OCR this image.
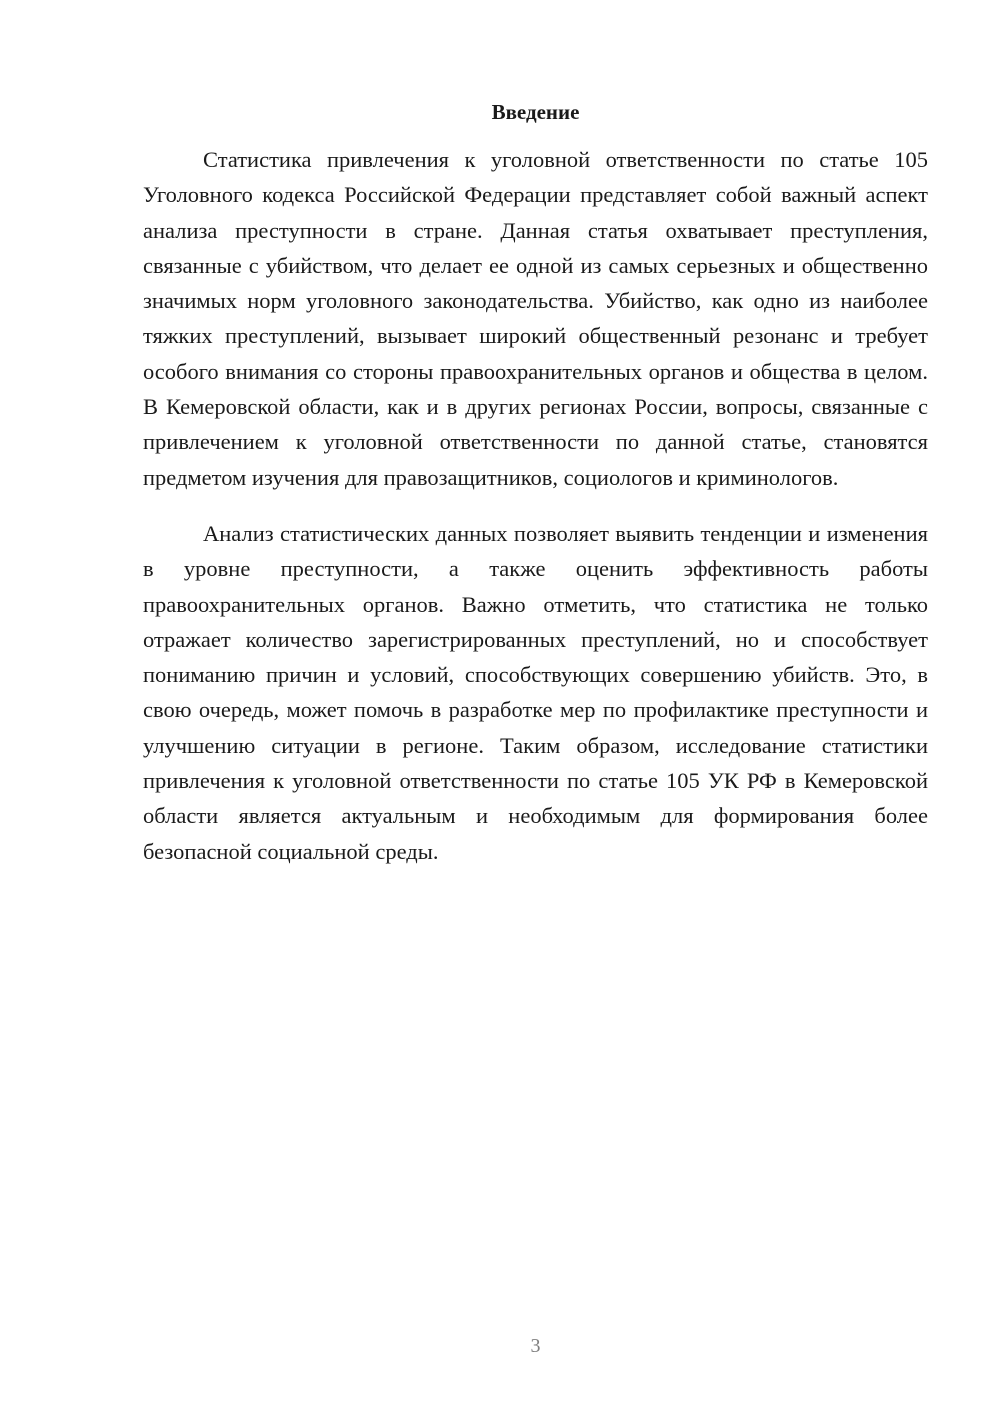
Введение

Статистика привлечения к уголовной ответственности по статье 105 Уголовного кодекса Российской Федерации представляет собой важный аспект анализа преступности в стране. Данная статья охватывает преступления, связанные с убийством, что делает ее одной из самых серьезных и общественно значимых норм уголовного законодательства. Убийство, как одно из наиболее тяжких преступлений, вызывает широкий общественный резонанс и требует особого внимания со стороны правоохранительных органов и общества в целом. В Кемеровской области, как и в других регионах России, вопросы, связанные с привлечением к уголовной ответственности по данной статье, становятся предметом изучения для правозащитников, социологов и криминологов.

Анализ статистических данных позволяет выявить тенденции и изменения в уровне преступности, а также оценить эффективность работы правоохранительных органов. Важно отметить, что статистика не только отражает количество зарегистрированных преступлений, но и способствует пониманию причин и условий, способствующих совершению убийств. Это, в свою очередь, может помочь в разработке мер по профилактике преступности и улучшению ситуации в регионе. Таким образом, исследование статистики привлечения к уголовной ответственности по статье 105 УК РФ в Кемеровской области является актуальным и необходимым для формирования более безопасной социальной среды.

3
